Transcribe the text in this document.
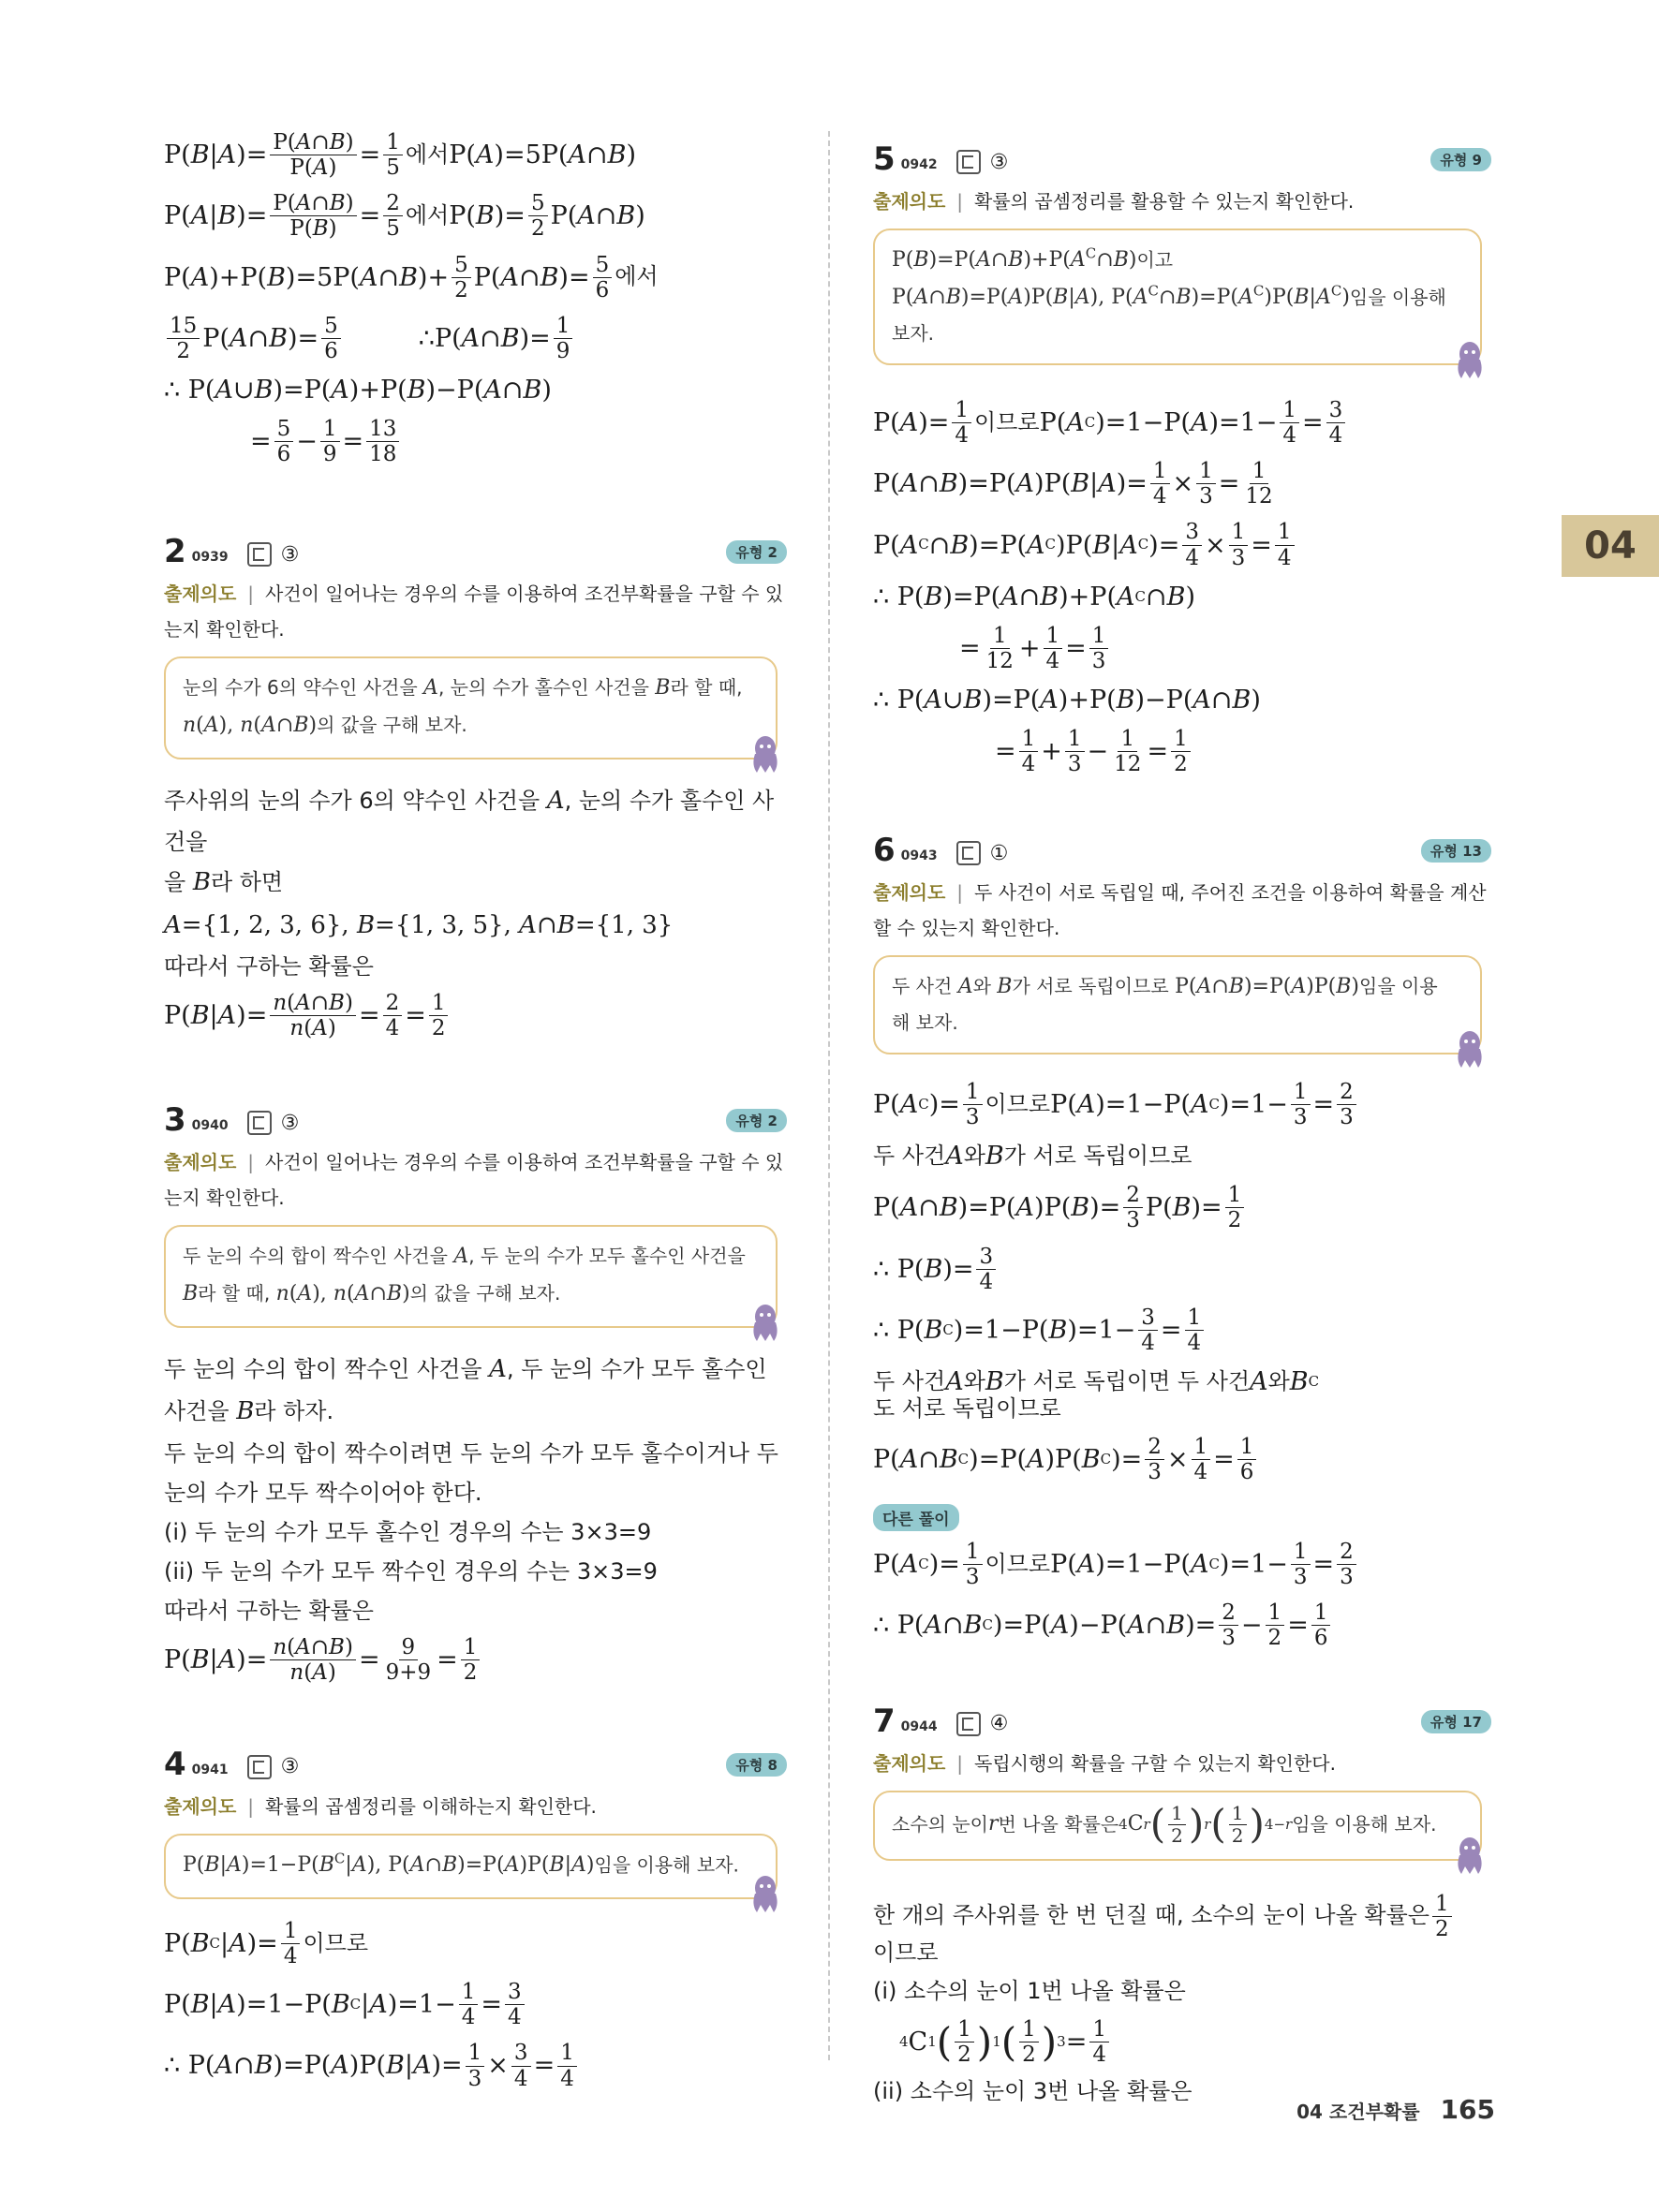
04
P( B | A )= P(A∩B)
P(A) = 1
5
에서 P( A )=5P( A ∩ B )
P( A | B )= P(A∩B)
P(B) = 2
5
에서 P( B )= 5
2 P( A ∩ B )
P( A )+P( B )=5P( A ∩ B )+ 5
2 P( A ∩ B )= 5
6
에서
15
2 P( A ∩ B )= 5
6	∴ P( A ∩ B )= 1
9
∴ P( A ∪ B )=P( A )+P( B )−P( A ∩ B )
= 5
6 − 1
9 = 13
18
2 0939	③	유형 2
출제의도 | 사건이 일어나는 경우의 수를 이용하여 조건부확률을 구할 수 있는지 확인한다.
눈의 수가 6의 약수인 사건을 A, 눈의 수가 홀수인 사건을 B라 할 때,
n(A), n(A∩B)의 값을 구해 보자.
주사위의 눈의 수가 6의 약수인 사건을 A, 눈의 수가 홀수인 사건을
을 B라 하면
A={1, 2, 3, 6}, B={1, 3, 5}, A∩B={1, 3}
따라서 구하는 확률은
P( B | A )= n(A∩B)
n(A) = 2
4 = 1
2
3 0940	③	유형 2
출제의도 | 사건이 일어나는 경우의 수를 이용하여 조건부확률을 구할 수 있는지 확인한다.
두 눈의 수의 합이 짝수인 사건을 A, 두 눈의 수가 모두 홀수인 사건을
B라 할 때, n(A), n(A∩B)의 값을 구해 보자.
두 눈의 수의 합이 짝수인 사건을 A, 두 눈의 수가 모두 홀수인 사건을 B라 하자.
두 눈의 수의 합이 짝수이려면 두 눈의 수가 모두 홀수이거나 두 눈의 수가 모두 짝수이어야 한다.
(i) 두 눈의 수가 모두 홀수인 경우의 수는 3×3=9
(ii) 두 눈의 수가 모두 짝수인 경우의 수는 3×3=9
따라서 구하는 확률은
P( B | A )= n(A∩B)
n(A) = 9
9+9 = 1
2
4 0941	③	유형 8
출제의도 | 확률의 곱셈정리를 이해하는지 확인한다.
$P(B|A)=1-P(B^C|A)$, P(A∩B)=P(A)P(B|A)임을 이용해 보자.
P( B C | A )= 1
4
이므로
P( B | A )=1−P( B C | A )=1− 1
4 = 3
4
∴ P( A ∩ B )=P( A )P( B | A )= 1
3 × 3
4 = 1
4
5 0942	③	유형 9
출제의도 | 확률의 곱셈정리를 활용할 수 있는지 확인한다.
$P(B)=P(A\cap B)+P(A^C\cap B)$이고
P(A∩B)=P(A)P(B|A), $P(A^C\cap B)=P(A^C)P(B|A^C)$임을 이용해 보자.
P( A )= 1
4
이므로 P( A C )=1−P( A )=1− 1
4 = 3
4
P( A ∩ B )=P( A )P( B | A )= 1
4 × 1
3 = 1
12
P( A C ∩ B )=P( A C )P( B | A C )= 3
4 × 1
3 = 1
4
∴ P( B )=P( A ∩ B )+P( A C ∩ B )
= 1
12 + 1
4 = 1
3
∴ P( A ∪ B )=P( A )+P( B )−P( A ∩ B )
= 1
4 + 1
3 − 1
12 = 1
2
6 0943	①	유형 13
출제의도 | 두 사건이 서로 독립일 때, 주어진 조건을 이용하여 확률을 계산할 수 있는지 확인한다.
두 사건 A와 B가 서로 독립이므로 P(A∩B)=P(A)P(B)임을 이용해 보자.
P( A C )= 1
3
이므로 P( A )=1−P( A C )=1− 1
3 = 2
3
두 사건 A 와 B 가 서로 독립이므로
P( A ∩ B )=P( A )P( B )= 2
3 P( B )= 1
2
∴ P( B )= 3
4
∴ P( B C )=1−P( B )=1− 3
4 = 1
4
두 사건 A 와 B 가 서로 독립이면 두 사건 A 와 B C
도 서로 독립이므로
P( A ∩ B C )=P( A )P( B C )= 2
3 × 1
4 = 1
6
다른 풀이
P( A C )= 1
3
이므로 P( A )=1−P( A C )=1− 1
3 = 2
3
∴ P( A ∩ B C )=P( A )−P( A ∩ B )= 2
3 − 1
2 = 1
6
7 0944	④	유형 17
출제의도 | 독립시행의 확률을 구할 수 있는지 확인한다.
소수의 눈이 r 번 나올 확률은 4 C r ( 1
2 ) r ( 1
2 ) 4−r 임을 이용해 보자.
한 개의 주사위를 한 번 던질 때, 소수의 눈이 나올 확률은 1
2
이므로
(i) 소수의 눈이 1번 나올 확률은
4 C 1 ( 1
2 ) 1 ( 1
2 ) 3 = 1
4
(ii) 소수의 눈이 3번 나올 확률은
04 조건부확률 165
